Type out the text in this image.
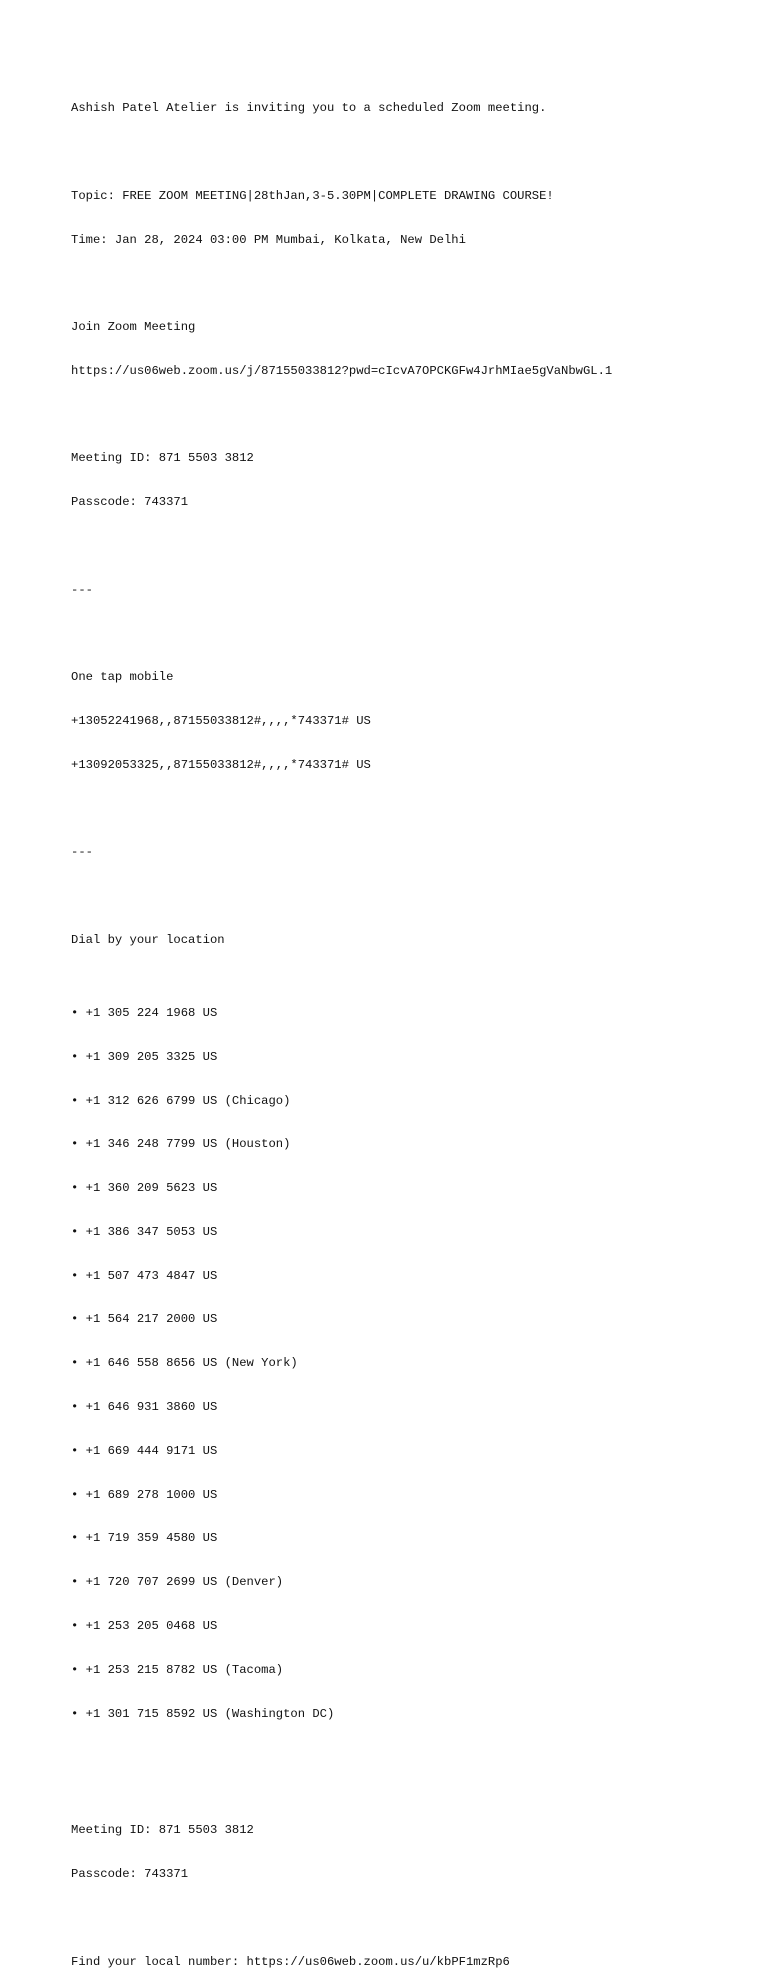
Ashish Patel Atelier is inviting you to a scheduled Zoom meeting.

Topic: FREE ZOOM MEETING|28thJan,3-5.30PM|COMPLETE DRAWING COURSE!

Time: Jan 28, 2024 03:00 PM Mumbai, Kolkata, New Delhi

Join Zoom Meeting

https://us06web.zoom.us/j/87155033812?pwd=cIcvA7OPCKGFw4JrhMIae5gVaNbwGL.1

Meeting ID: 871 5503 3812

Passcode: 743371

---

One tap mobile

+13052241968,,87155033812#,,,,*743371# US

+13092053325,,87155033812#,,,,*743371# US

---

Dial by your location

• +1 305 224 1968 US

• +1 309 205 3325 US

• +1 312 626 6799 US (Chicago)

• +1 346 248 7799 US (Houston)

• +1 360 209 5623 US

• +1 386 347 5053 US

• +1 507 473 4847 US

• +1 564 217 2000 US

• +1 646 558 8656 US (New York)

• +1 646 931 3860 US

• +1 669 444 9171 US

• +1 689 278 1000 US

• +1 719 359 4580 US

• +1 720 707 2699 US (Denver)

• +1 253 205 0468 US

• +1 253 215 8782 US (Tacoma)

• +1 301 715 8592 US (Washington DC)

Meeting ID: 871 5503 3812

Passcode: 743371

Find your local number: https://us06web.zoom.us/u/kbPF1mzRp6
